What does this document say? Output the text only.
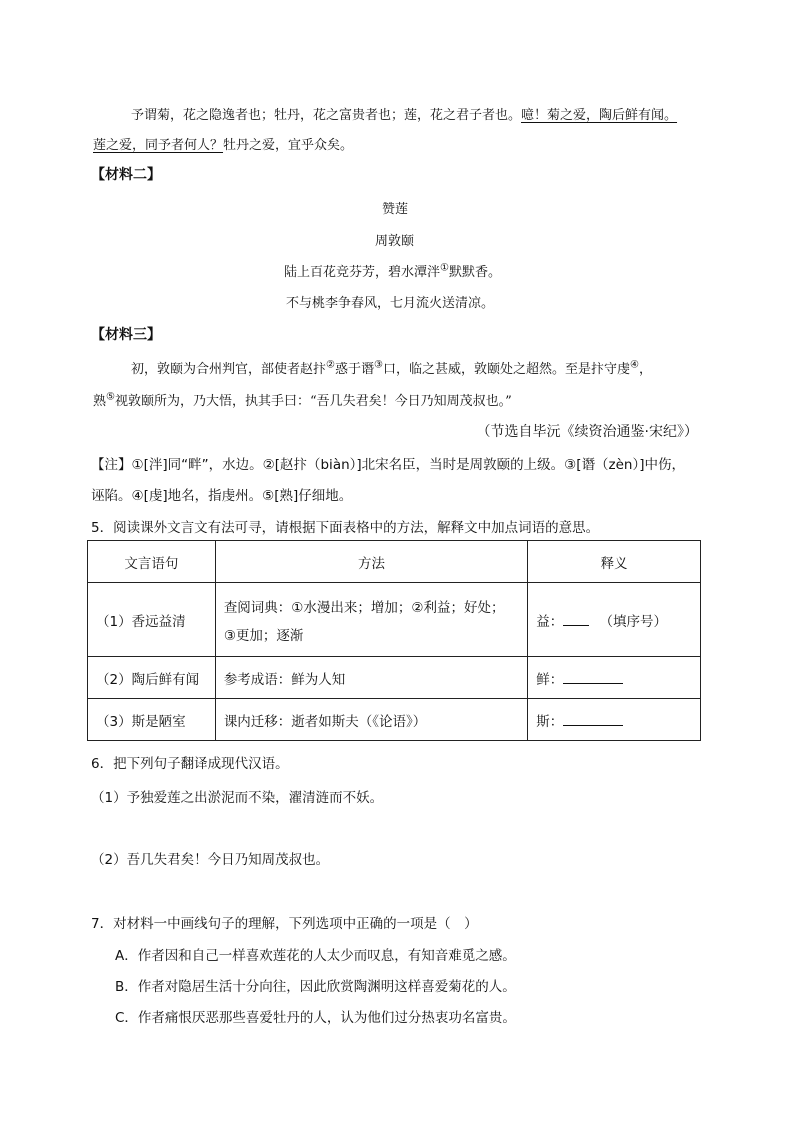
予谓菊，花之隐逸者也；牡丹，花之富贵者也；莲，花之君子者也。噫！菊之爱，陶后鲜有闻。
莲之爱，同予者何人？牡丹之爱，宜乎众矣。
【材料二】
赞莲
周敦颐
陆上百花竞芬芳，碧水潭泮①默默香。
不与桃李争春风，七月流火送清凉。
【材料三】
初，敦颐为合州判官，部使者赵抃②惑于谮③口，临之甚威，敦颐处之超然。至是抃守虔④，
熟⑤视敦颐所为，乃大悟，执其手曰：“吾几失君矣！今日乃知周茂叔也。”
（节选自毕沅《续资治通鉴·宋纪》）
【注】①[泮]同“畔”，水边。②[赵抃（biàn）]北宋名臣，当时是周敦颐的上级。③[谮（zèn）]中伤，
诬陷。④[虔]地名，指虔州。⑤[熟]仔细地。
5．阅读课外文言文有法可寻，请根据下面表格中的方法，解释文中加点词语的意思。
文言语句	方法	释义
（1）香远益清	查阅词典：①水漫出来；增加；②利益；好处；
③更加；逐渐	益： （填序号）
（2）陶后鲜有闻	参考成语：鲜为人知	鲜：
（3）斯是陋室	课内迁移：逝者如斯夫（《论语》）	斯：
6．把下列句子翻译成现代汉语。
（1）予独爱莲之出淤泥而不染，濯清涟而不妖。
（2）吾几失君矣！今日乃知周茂叔也。
7．对材料一中画线句子的理解，下列选项中正确的一项是（　）
A．作者因和自己一样喜欢莲花的人太少而叹息，有知音难觅之感。
B．作者对隐居生活十分向往，因此欣赏陶渊明这样喜爱菊花的人。
C．作者痛恨厌恶那些喜爱牡丹的人，认为他们过分热衷功名富贵。
